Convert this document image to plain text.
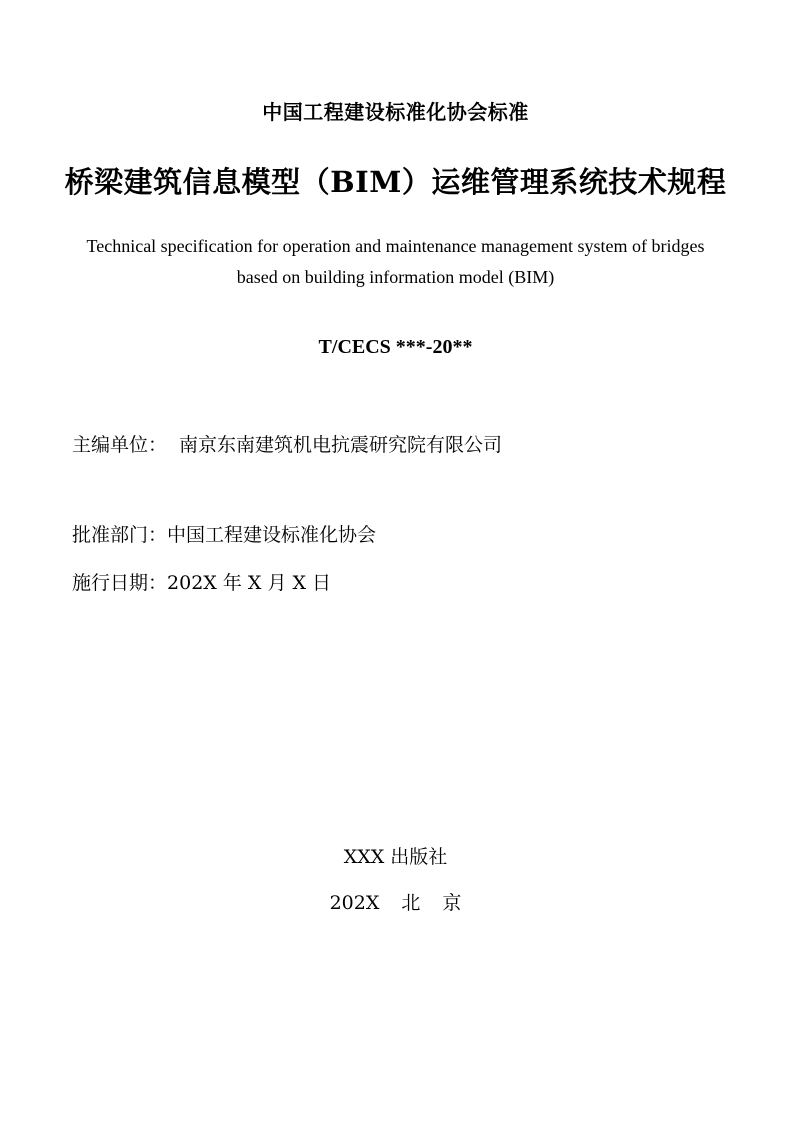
中国工程建设标准化协会标准
桥梁建筑信息模型（BIM）运维管理系统技术规程
Technical specification for operation and maintenance management system of bridges
based on building information model (BIM)
T/CECS ***-20**
主编单位： 南京东南建筑机电抗震研究院有限公司
批准部门：中国工程建设标准化协会
施行日期：202X 年 X 月 X 日
XXX 出版社
202X 北 京
